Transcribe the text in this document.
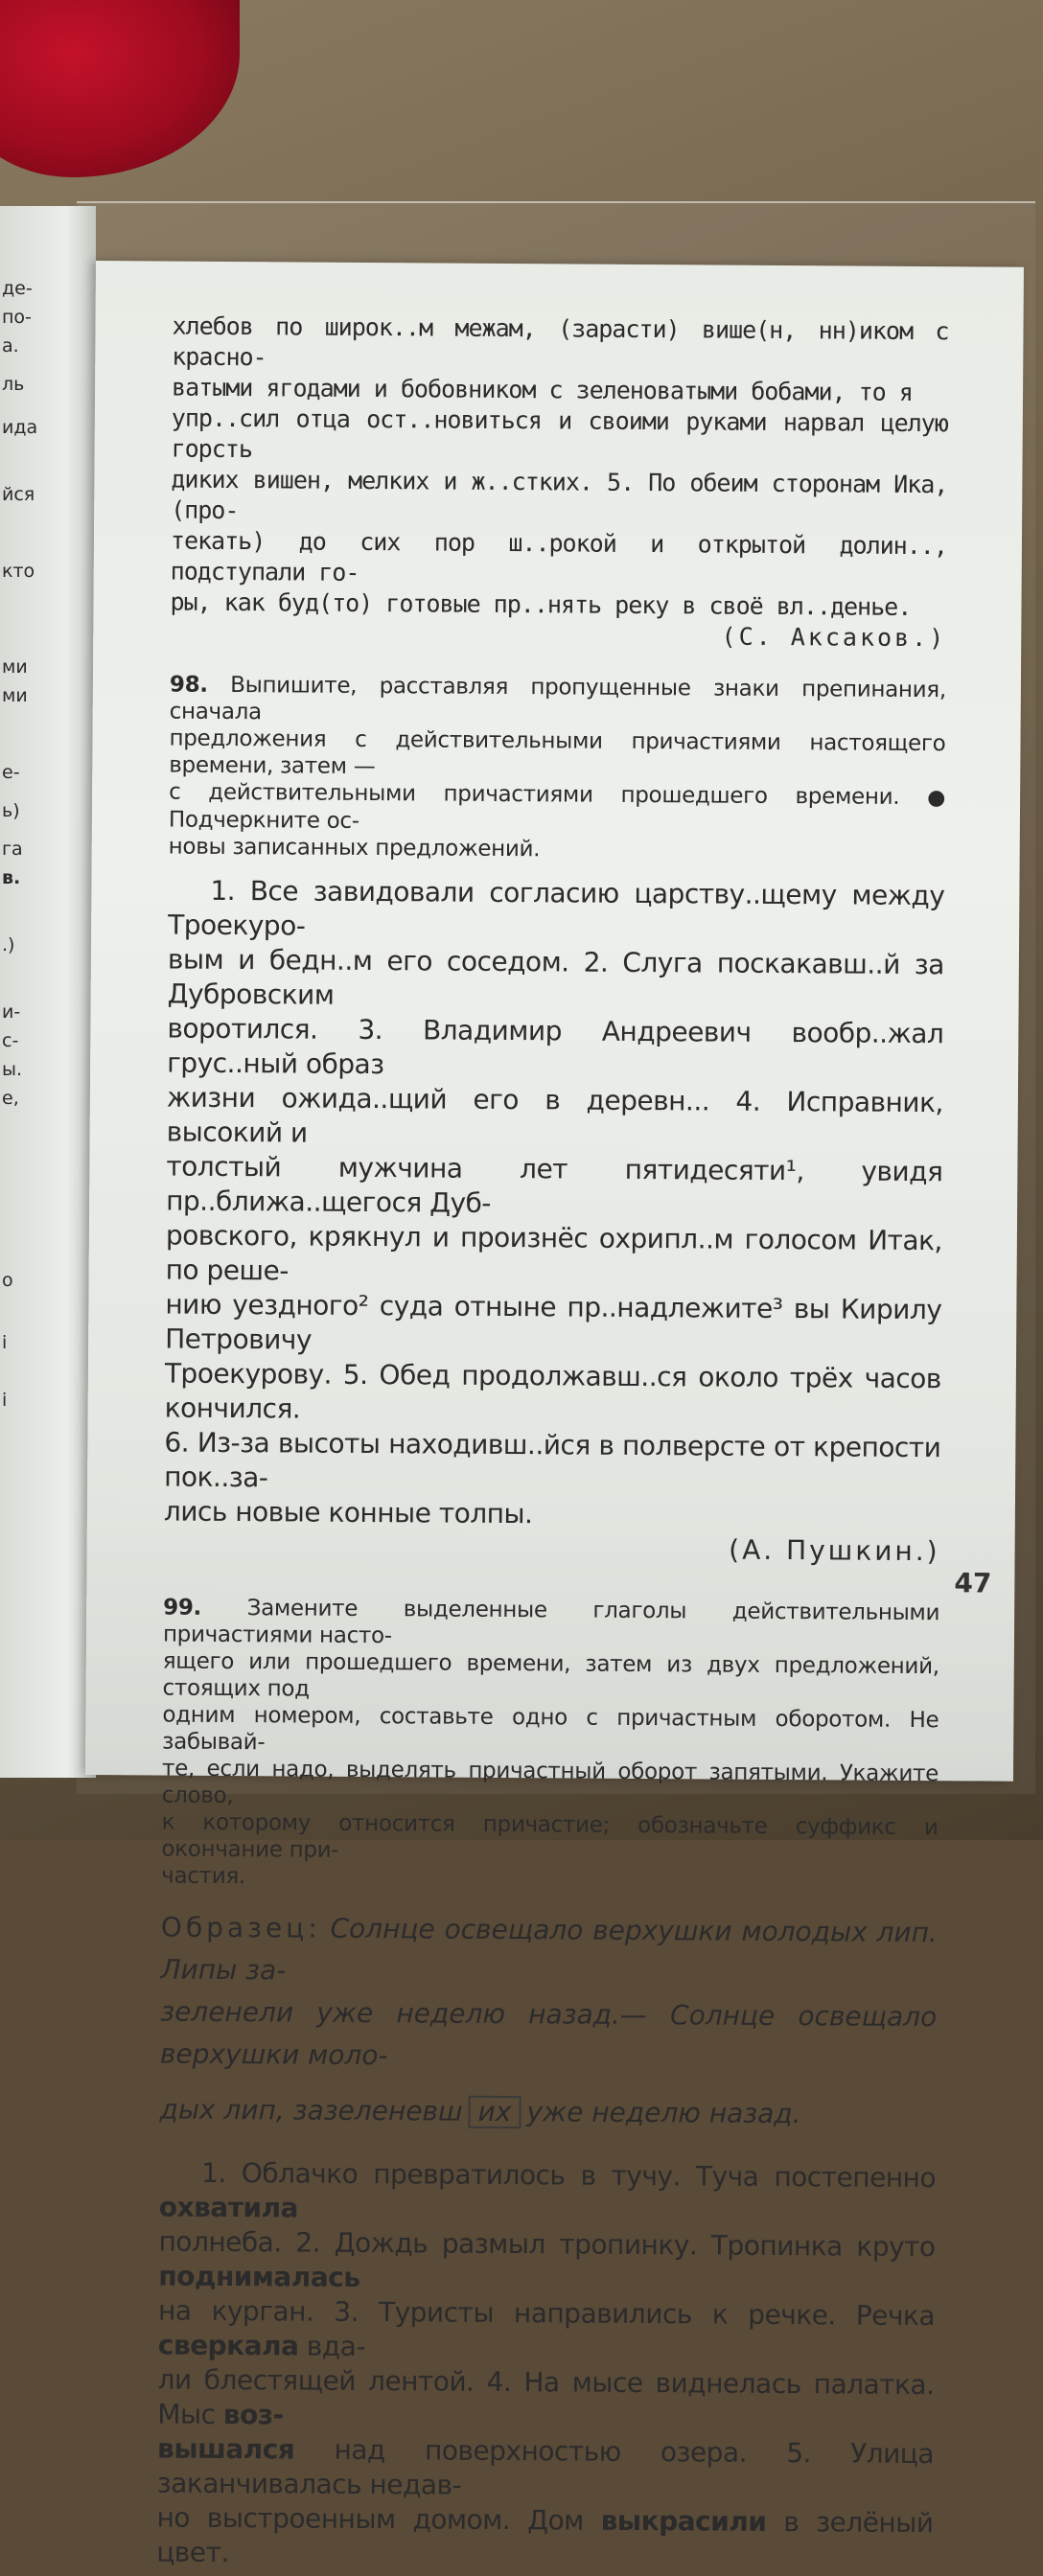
де-
по-
а.
ль
ида
йся
кто
ми
ми
е-
ь)
га
в.
.)
и-
с-
ы.
е,
о
i
i

хлебов по широк..м межам, (зарасти) више(н, нн)иком с красно-

ватыми ягодами и бобовником с зеленоватыми бобами, то я

упр..сил отца ост..новиться и своими руками нарвал целую горсть

диких вишен, мелких и ж..стких. 5. По обеим сторонам Ика, (про-

текать) до сих пор ш..рокой и открытой долин.., подступали го-

ры, как буд(то) готовые пр..нять реку в своё вл..денье.

(С. Аксаков.)

98. Выпишите, расставляя пропущенные знаки препинания, сначала

предложения с действительными причастиями настоящего времени, затем —

с действительными причастиями прошедшего времени. ● Подчеркните ос-

новы записанных предложений.

1. Все завидовали согласию царству..щему между Троекуро-

вым и бедн..м его соседом. 2. Слуга поскакавш..й за Дубровским

воротился. 3. Владимир Андреевич вообр..жал грус..ный образ

жизни ожида..щий его в деревн... 4. Исправник, высокий и

толстый мужчина лет пятидесяти¹, увидя пр..ближа..щегося Дуб-

ровского, крякнул и произнёс охрипл..м голосом Итак, по реше-

нию уездного² суда отныне пр..надлежите³ вы Кирилу Петровичу

Троекурову. 5. Обед продолжавш..ся около трёх часов кончился.

6. Из-за высоты находивш..йся в полверсте от крепости пок..за-

лись новые конные толпы.

(А. Пушкин.)

99. Замените выделенные глаголы действительными причастиями насто-

ящего или прошедшего времени, затем из двух предложений, стоящих под

одним номером, составьте одно с причастным оборотом. Не забывай-

те, если надо, выделять причастный оборот запятыми. Укажите слово,

к которому относится причастие; обозначьте суффикс и окончание при-

частия.

Образец: Солнце освещало верхушки молодых лип. Липы за-

зеленели уже неделю назад.— Солнце освещало верхушки моло-

дых лип, зазеленевш их уже неделю назад.

1. Облачко превратилось в тучу. Туча постепенно охватила

полнеба. 2. Дождь размыл тропинку. Тропинка круто поднималась

на курган. 3. Туристы направились к речке. Речка сверкала вда-

ли блестящей лентой. 4. На мысе виднелась палатка. Мыс воз-

вышался над поверхностью озера. 5. Улица заканчивалась недав-

но выстроенным домом. Дом выкрасили в зелёный цвет.

47
